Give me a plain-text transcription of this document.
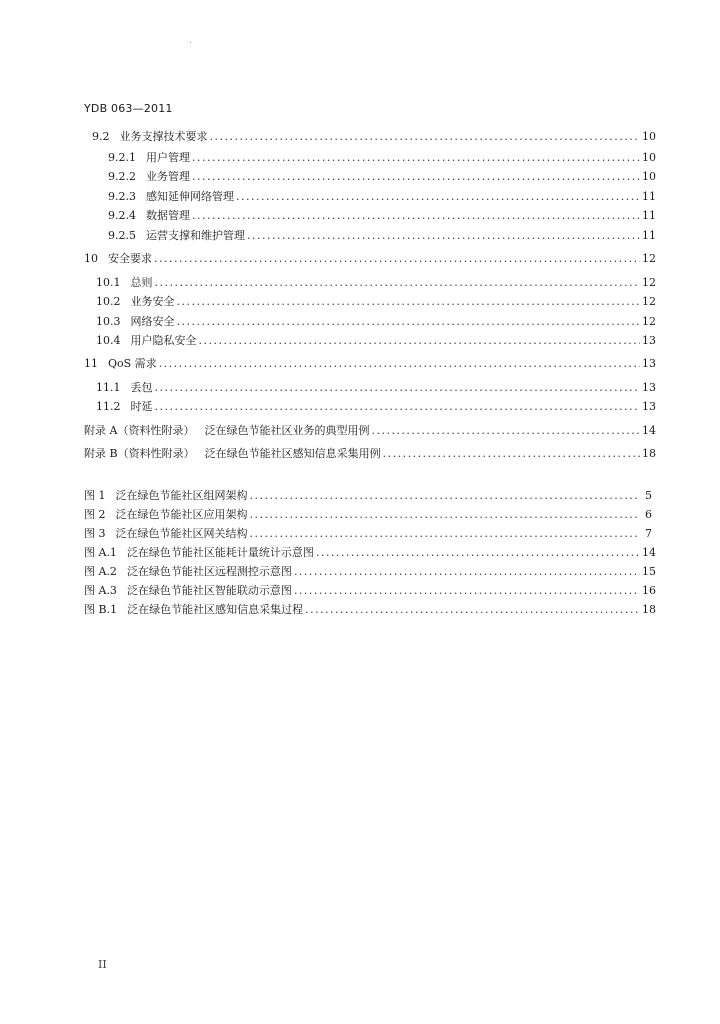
YDB 063—2011
9.2 业务支撑技术要求 .....	10
9.2.1 用户管理 .....	10
9.2.2 业务管理 .....	10
9.2.3 感知延伸网络管理 .....	11
9.2.4 数据管理 .....	11
9.2.5 运营支撑和维护管理 .....	11
10 安全要求 .....	12
10.1 总则 .....	12
10.2 业务安全 .....	12
10.3 网络安全 .....	12
10.4 用户隐私安全 .....	13
11 QoS 需求 .....	13
11.1 丢包 .....	13
11.2 时延 .....	13
附录 A（资料性附录） 泛在绿色节能社区业务的典型用例 .....	14
附录 B（资料性附录） 泛在绿色节能社区感知信息采集用例 .....	18
图 1 泛在绿色节能社区组网架构 .....	5
图 2 泛在绿色节能社区应用架构 .....	6
图 3 泛在绿色节能社区网关结构 .....	7
图 A.1 泛在绿色节能社区能耗计量统计示意图 .....	14
图 A.2 泛在绿色节能社区远程测控示意图 .....	15
图 A.3 泛在绿色节能社区智能联动示意图 .....	16
图 B.1 泛在绿色节能社区感知信息采集过程 .....	18
II
